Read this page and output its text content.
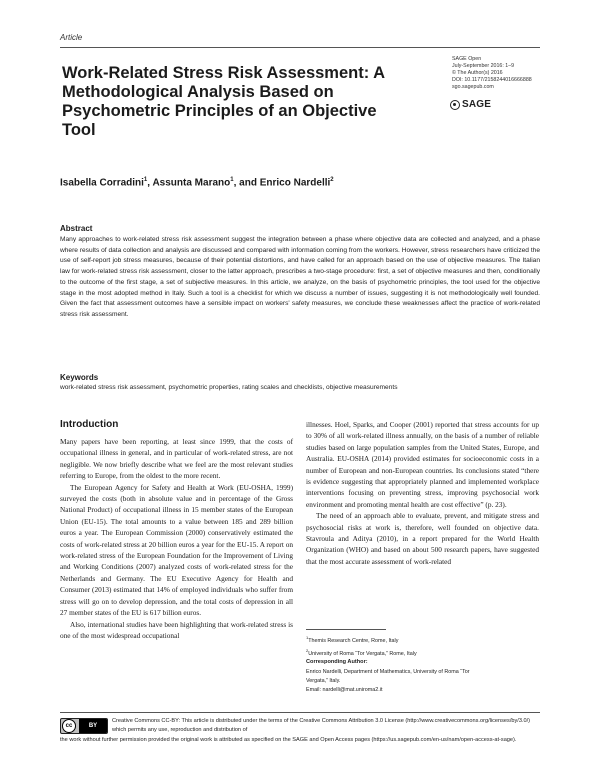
Article
Work-Related Stress Risk Assessment: A Methodological Analysis Based on Psychometric Principles of an Objective Tool
SAGE Open
July-September 2016: 1–9
© The Author(s) 2016
DOI: 10.1177/2158244016666888
sgo.sagepub.com
SAGE
Isabella Corradini$^1$, Assunta Marano$^1$, and Enrico Nardelli$^2$
Abstract
Many approaches to work-related stress risk assessment suggest the integration between a phase where objective data are collected and analyzed, and a phase where results of data collection and analysis are discussed and compared with information coming from the workers. However, stress researchers have criticized the use of self-report job stress measures, because of their potential distortions, and have called for an approach based on the use of objective measures. The Italian law for work-related stress risk assessment, closer to the latter approach, prescribes a two-stage procedure: first, a set of objective measures and then, conditionally to the outcome of the first stage, a set of subjective measures. In this article, we analyze, on the basis of psychometric principles, the tool used for the objective stage in the most adopted method in Italy. Such a tool is a checklist for which we discuss a number of issues, suggesting it is not methodologically well founded. Given the fact that assessment outcomes have a sensible impact on workers' safety measures, we conclude these weaknesses affect the practice of work-related stress risk assessment.
Keywords
work-related stress risk assessment, psychometric properties, rating scales and checklists, objective measurements
Introduction

Many papers have been reporting, at least since 1999, that the costs of occupational illness in general, and in particular of work-related stress, are not negligible. We now briefly describe what we feel are the most relevant studies referring to Europe, from the oldest to the more recent.

The European Agency for Safety and Health at Work (EU-OSHA, 1999) surveyed the costs (both in absolute value and in percentage of the Gross National Product) of occupational illness in 15 member states of the European Union (EU-15). The total amounts to a value between 185 and 289 billion euros a year. The European Commission (2000) conservatively estimated the costs of work-related stress at 20 billion euros a year for the EU-15. A report on work-related stress of the European Foundation for the Improvement of Living and Working Conditions (2007) analyzed costs of work-related stress for the Netherlands and Germany. The EU Executive Agency for Health and Consumer (2013) estimated that 14% of employed individuals who suffer from stress will go on to develop depression, and the total costs of depression in all 27 member states of the EU is 617 billion euros.

Also, international studies have been highlighting that work-related stress is one of the most widespread occupational

illnesses. Hoel, Sparks, and Cooper (2001) reported that stress accounts for up to 30% of all work-related illness annually, on the basis of a number of reliable studies based on large population samples from the United States, Europe, and Australia. EU-OSHA (2014) provided estimates for socioeconomic costs in a number of European and non-European countries. Its conclusions stated “there is evidence suggesting that appropriately planned and implemented workplace interventions focusing on preventing stress, improving psychosocial work environment and promoting mental health are cost effective” (p. 23).

The need of an approach able to evaluate, prevent, and mitigate stress and psychosocial risks at work is, therefore, well founded on objective data. Stavroula and Aditya (2010), in a report prepared for the World Health Organization (WHO) and based on about 500 research papers, have suggested that the most accurate assessment of work-related

$^1$Themis Research Centre, Rome, Italy
$^2$University of Roma “Tor Vergata,” Rome, Italy
Corresponding Author:
Enrico Nardelli, Department of Mathematics, University of Roma “Tor
Vergata,” Italy.
Email: nardelli@mat.uniroma2.it
cc	BY
Creative Commons CC-BY: This article is distributed under the terms of the Creative Commons Attribution 3.0 License (http://www.creativecommons.org/licenses/by/3.0/) which permits any use, reproduction and distribution of
the work without further permission provided the original work is attributed as specified on the SAGE and Open Access pages (https://us.sagepub.com/en-us/nam/open-access-at-sage).
